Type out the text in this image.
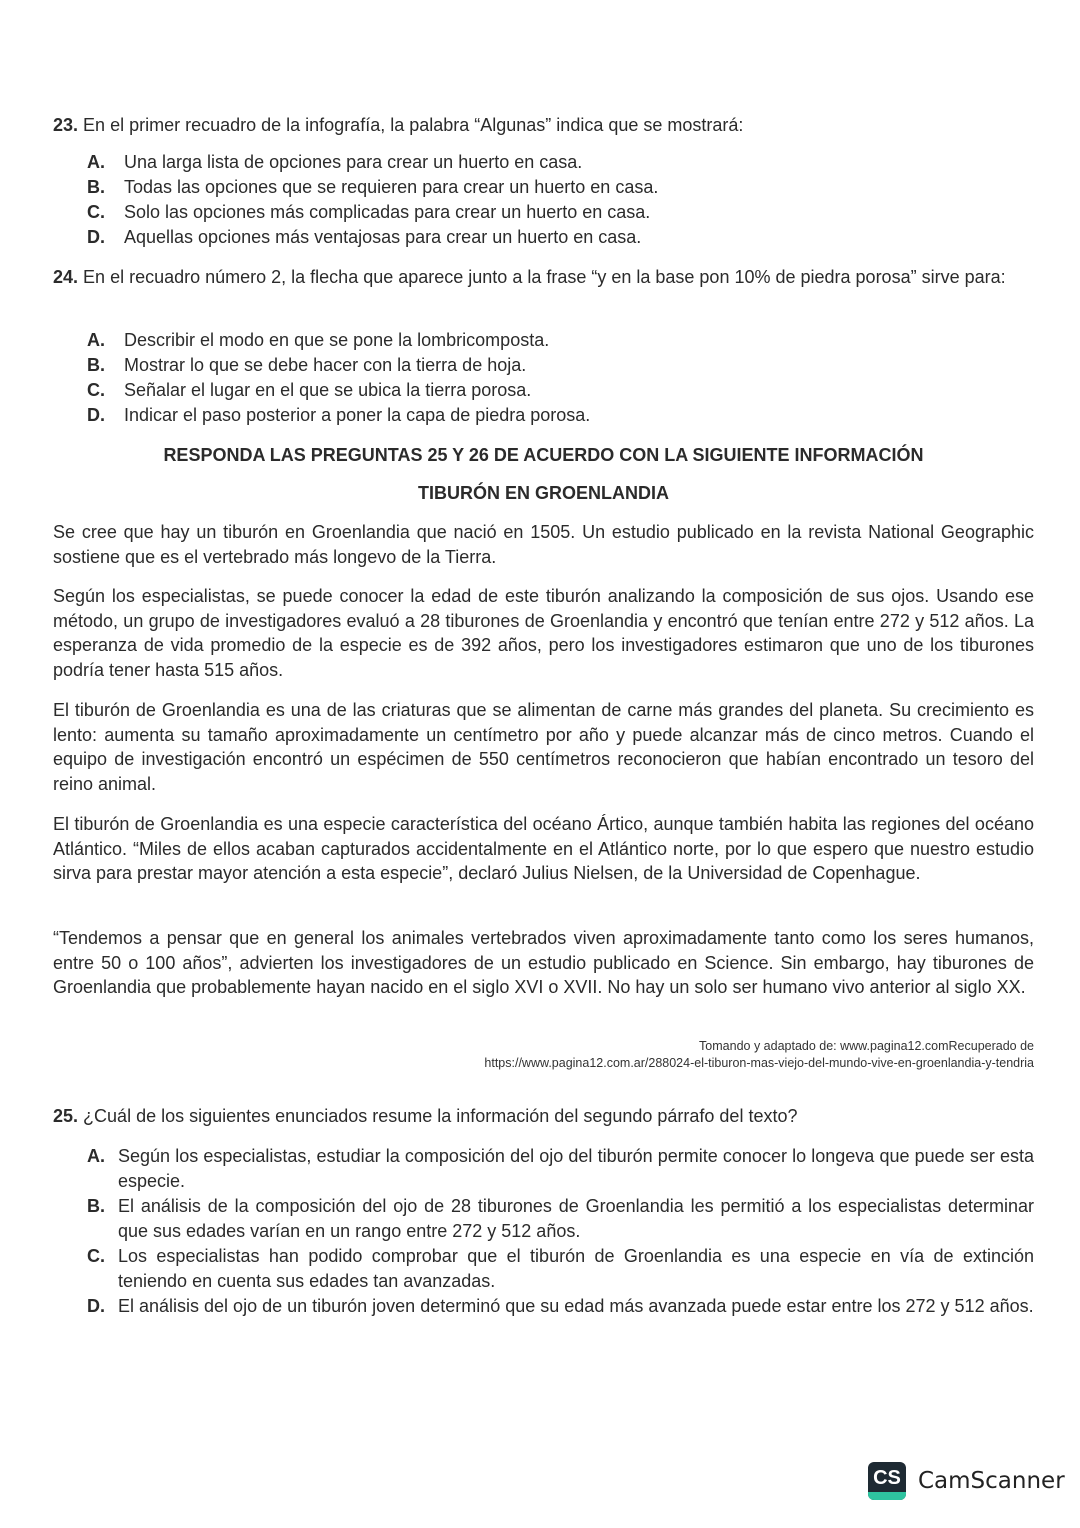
23. En el primer recuadro de la infografía, la palabra “Algunas” indica que se mostrará:
A.	Una larga lista de opciones para crear un huerto en casa.
B.	Todas las opciones que se requieren para crear un huerto en casa.
C.	Solo las opciones más complicadas para crear un huerto en casa.
D.	Aquellas opciones más ventajosas para crear un huerto en casa.
24. En el recuadro número 2, la flecha que aparece junto a la frase “y en la base pon 10% de piedra porosa” sirve para:
A.	Describir el modo en que se pone la lombricomposta.
B.	Mostrar lo que se debe hacer con la tierra de hoja.
C.	Señalar el lugar en el que se ubica la tierra porosa.
D.	Indicar el paso posterior a poner la capa de piedra porosa.
RESPONDA LAS PREGUNTAS 25 Y 26 DE ACUERDO CON LA SIGUIENTE INFORMACIÓN
TIBURÓN EN GROENLANDIA

Se cree que hay un tiburón en Groenlandia que nació en 1505. Un estudio publicado en la revista National Geographic sostiene que es el vertebrado más longevo de la Tierra.

Según los especialistas, se puede conocer la edad de este tiburón analizando la composición de sus ojos. Usando ese método, un grupo de investigadores evaluó a 28 tiburones de Groenlandia y encontró que tenían entre 272 y 512 años. La esperanza de vida promedio de la especie es de 392 años, pero los investigadores estimaron que uno de los tiburones podría tener hasta 515 años.

El tiburón de Groenlandia es una de las criaturas que se alimentan de carne más grandes del planeta. Su crecimiento es lento: aumenta su tamaño aproximadamente un centímetro por año y puede alcanzar más de cinco metros. Cuando el equipo de investigación encontró un espécimen de 550 centímetros reconocieron que habían encontrado un tesoro del reino animal.

El tiburón de Groenlandia es una especie característica del océano Ártico, aunque también habita las regiones del océano Atlántico. “Miles de ellos acaban capturados accidentalmente en el Atlántico norte, por lo que espero que nuestro estudio sirva para prestar mayor atención a esta especie”, declaró Julius Nielsen, de la Universidad de Copenhague.

“Tendemos a pensar que en general los animales vertebrados viven aproximadamente tanto como los seres humanos, entre 50 o 100 años”, advierten los investigadores de un estudio publicado en Science. Sin embargo, hay tiburones de Groenlandia que probablemente hayan nacido en el siglo XVI o XVII. No hay un solo ser humano vivo anterior al siglo XX.

Tomando y adaptado de: www.pagina12.comRecuperado de
https://www.pagina12.com.ar/288024-el-tiburon-mas-viejo-del-mundo-vive-en-groenlandia-y-tendria
25. ¿Cuál de los siguientes enunciados resume la información del segundo párrafo del texto?
A. Según los especialistas, estudiar la composición del ojo del tiburón permite conocer lo longeva que puede ser esta especie.
B. El análisis de la composición del ojo de 28 tiburones de Groenlandia les permitió a los especialistas determinar que sus edades varían en un rango entre 272 y 512 años.
C. Los especialistas han podido comprobar que el tiburón de Groenlandia es una especie en vía de extinción teniendo en cuenta sus edades tan avanzadas.
D. El análisis del ojo de un tiburón joven determinó que su edad más avanzada puede estar entre los 272 y 512 años.
CS CamScanner
